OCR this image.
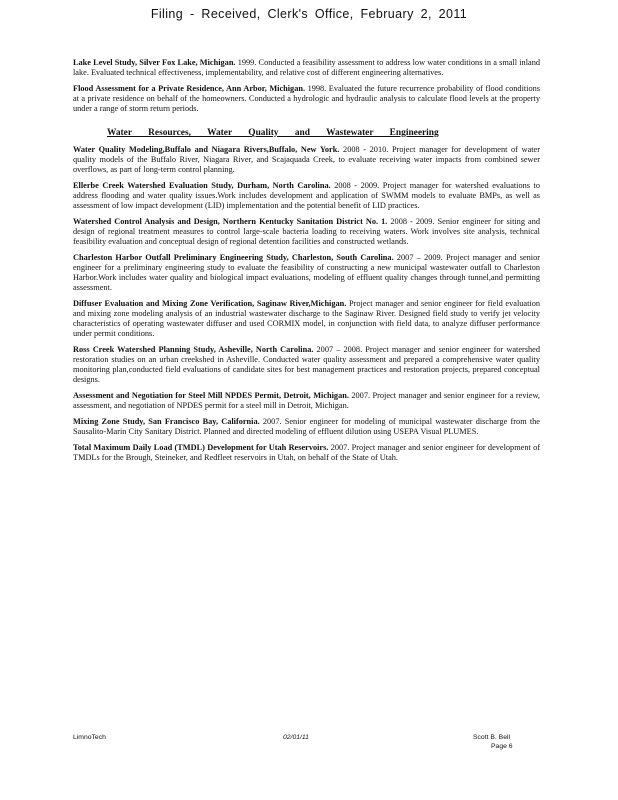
Filing - Received, Clerk's Office, February 2, 2011

Lake Level Study, Silver Fox Lake, Michigan. 1999. Conducted a feasibility assessment to address low water conditions in a small inland lake. Evaluated technical effectiveness, implementability, and relative cost of different engineering alternatives.

Flood Assessment for a Private Residence, Ann Arbor, Michigan. 1998. Evaluated the future recurrence probability of flood conditions at a private residence on behalf of the homeowners. Conducted a hydrologic and hydraulic analysis to calculate flood levels at the property under a range of storm return periods.

Water Resources, Water Quality and Wastewater Engineering

Water Quality Modeling,Buffalo and Niagara Rivers,Buffalo, New York. 2008 - 2010. Project manager for development of water quality models of the Buffalo River, Niagara River, and Scajaquada Creek, to evaluate receiving water impacts from combined sewer overflows, as part of long-term control planning.

Ellerbe Creek Watershed Evaluation Study, Durham, North Carolina. 2008 - 2009. Project manager for watershed evaluations to address flooding and water quality issues.Work includes development and application of SWMM models to evaluate BMPs, as well as assessment of low impact development (LID) implementation and the potential benefit of LID practices.

Watershed Control Analysis and Design, Northern Kentucky Sanitation District No. 1. 2008 - 2009. Senior engineer for siting and design of regional treatment measures to control large-scale bacteria loading to receiving waters. Work involves site analysis, technical feasibility evaluation and conceptual design of regional detention facilities and constructed wetlands.

Charleston Harbor Outfall Preliminary Engineering Study, Charleston, South Carolina. 2007 – 2009. Project manager and senior engineer for a preliminary engineering study to evaluate the feasibility of constructing a new municipal wastewater outfall to Charleston Harbor.Work includes water quality and biological impact evaluations, modeling of effluent quality changes through tunnel,and permitting assessment.

Diffuser Evaluation and Mixing Zone Verification, Saginaw River,Michigan. Project manager and senior engineer for field evaluation and mixing zone modeling analysis of an industrial wastewater discharge to the Saginaw River. Designed field study to verify jet velocity characteristics of operating wastewater diffuser and used CORMIX model, in conjunction with field data, to analyze diffuser performance under permit conditions.

Ross Creek Watershed Planning Study, Asheville, North Carolina. 2007 – 2008. Project manager and senior engineer for watershed restoration studies on an urban creekshed in Asheville. Conducted water quality assessment and prepared a comprehensive water quality monitoring plan,conducted field evaluations of candidate sites for best management practices and restoration projects, prepared conceptual designs.

Assessment and Negotiation for Steel Mill NPDES Permit, Detroit, Michigan. 2007. Project manager and senior engineer for a review, assessment, and negotiation of NPDES permit for a steel mill in Detroit, Michigan.

Mixing Zone Study, San Francisco Bay, California. 2007. Senior engineer for modeling of municipal wastewater discharge from the Sausalito-Marin City Sanitary District. Planned and directed modeling of effluent dilution using USEPA Visual PLUMES.

Total Maximum Daily Load (TMDL) Development for Utah Reservoirs. 2007. Project manager and senior engineer for development of TMDLs for the Brough, Steineker, and Redfleet reservoirs in Utah, on behalf of the State of Utah.

LimnoTech	02/01/11	Scott B. Bell
Page 6
